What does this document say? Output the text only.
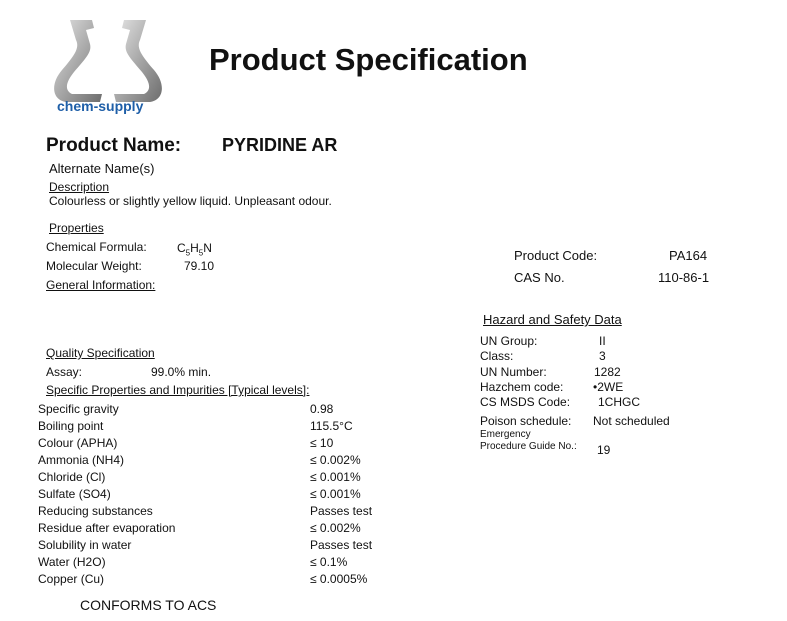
chem-supply
Product Specification
Product Name: PYRIDINE AR
Alternate Name(s)
Description
Colourless or slightly yellow liquid. Unpleasant odour.
Properties
Chemical Formula:	$C_5H_5N$
Molecular Weight:	79.10
General Information:
Product Code:	PA164
CAS No.	110-86-1
Hazard and Safety Data
UN Group:	II
Class:	3
UN Number:	1282
Hazchem code: •2WE
CS MSDS Code: 1CHGC
Poison schedule: Not scheduled
Emergency
Procedure Guide No.: 19
Quality Specification
Assay:	99.0% min.
Specific Properties and Impurities [Typical levels]:
Specific gravity	0.98
Boiling point	115.5°C
Colour (APHA)	≤ 10
Ammonia (NH4)	≤ 0.002%
Chloride (Cl)	≤ 0.001%
Sulfate (SO4)	≤ 0.001%
Reducing substances	Passes test
Residue after evaporation	≤ 0.002%
Solubility in water	Passes test
Water (H2O)	≤ 0.1%
Copper (Cu)	≤ 0.0005%
CONFORMS TO ACS
